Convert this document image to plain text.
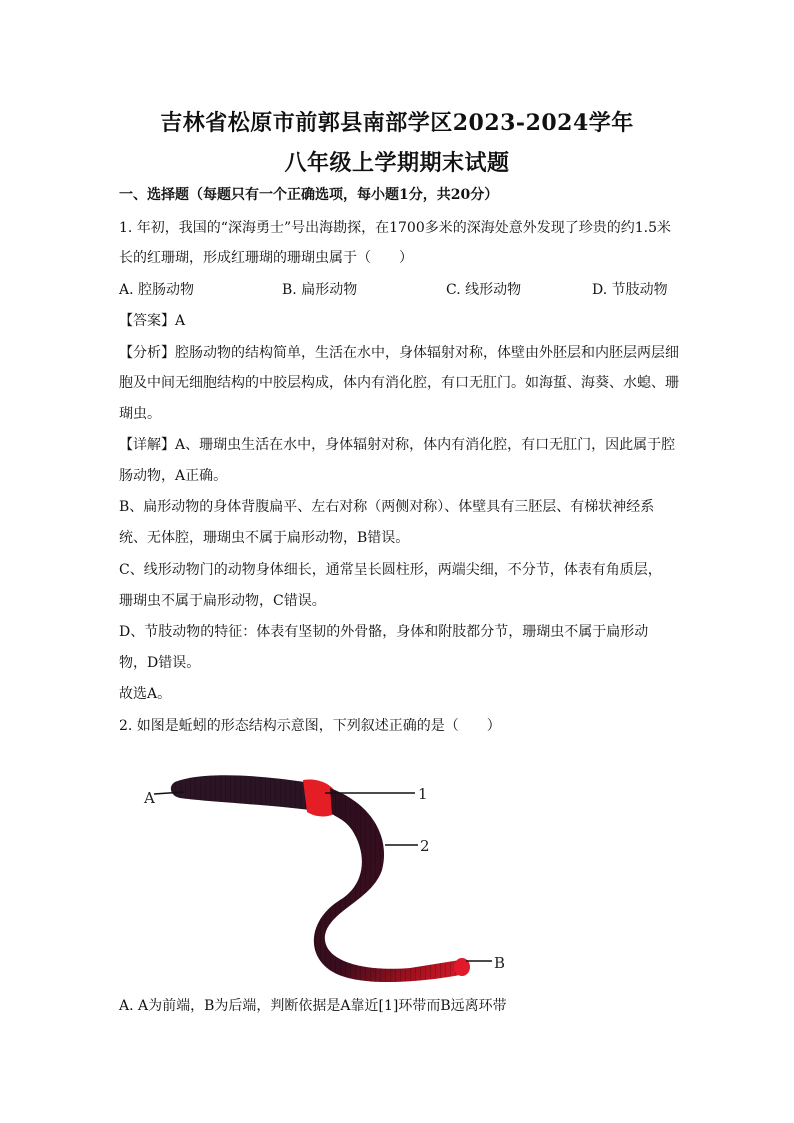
吉林省松原市前郭县南部学区2023-2024学年
八年级上学期期末试题
一、选择题（每题只有一个正确选项，每小题1分，共20分）
1. 年初，我国的“深海勇士”号出海勘探，在1700多米的深海处意外发现了珍贵的约1.5米
长的红珊瑚，形成红珊瑚的珊瑚虫属于（　　）
A. 腔肠动物	B. 扁形动物	C. 线形动物	D. 节肢动物
【答案】A
【分析】腔肠动物的结构简单，生活在水中，身体辐射对称，体壁由外胚层和内胚层两层细
胞及中间无细胞结构的中胶层构成，体内有消化腔，有口无肛门。如海蜇、海葵、水螅、珊
瑚虫。
【详解】A、珊瑚虫生活在水中，身体辐射对称，体内有消化腔，有口无肛门，因此属于腔
肠动物，A正确。
B、扁形动物的身体背腹扁平、左右对称（两侧对称）、体壁具有三胚层、有梯状神经系
统、无体腔，珊瑚虫不属于扁形动物，B错误。
C、线形动物门的动物身体细长，通常呈长圆柱形，两端尖细，不分节，体表有角质层，
珊瑚虫不属于扁形动物，C错误。
D、节肢动物的特征：体表有坚韧的外骨骼，身体和附肢都分节，珊瑚虫不属于扁形动
物，D错误。
故选A。
2. 如图是蚯蚓的形态结构示意图，下列叙述正确的是（　　）
A	1
2
B
A. A为前端，B为后端，判断依据是A靠近[1]环带而B远离环带
